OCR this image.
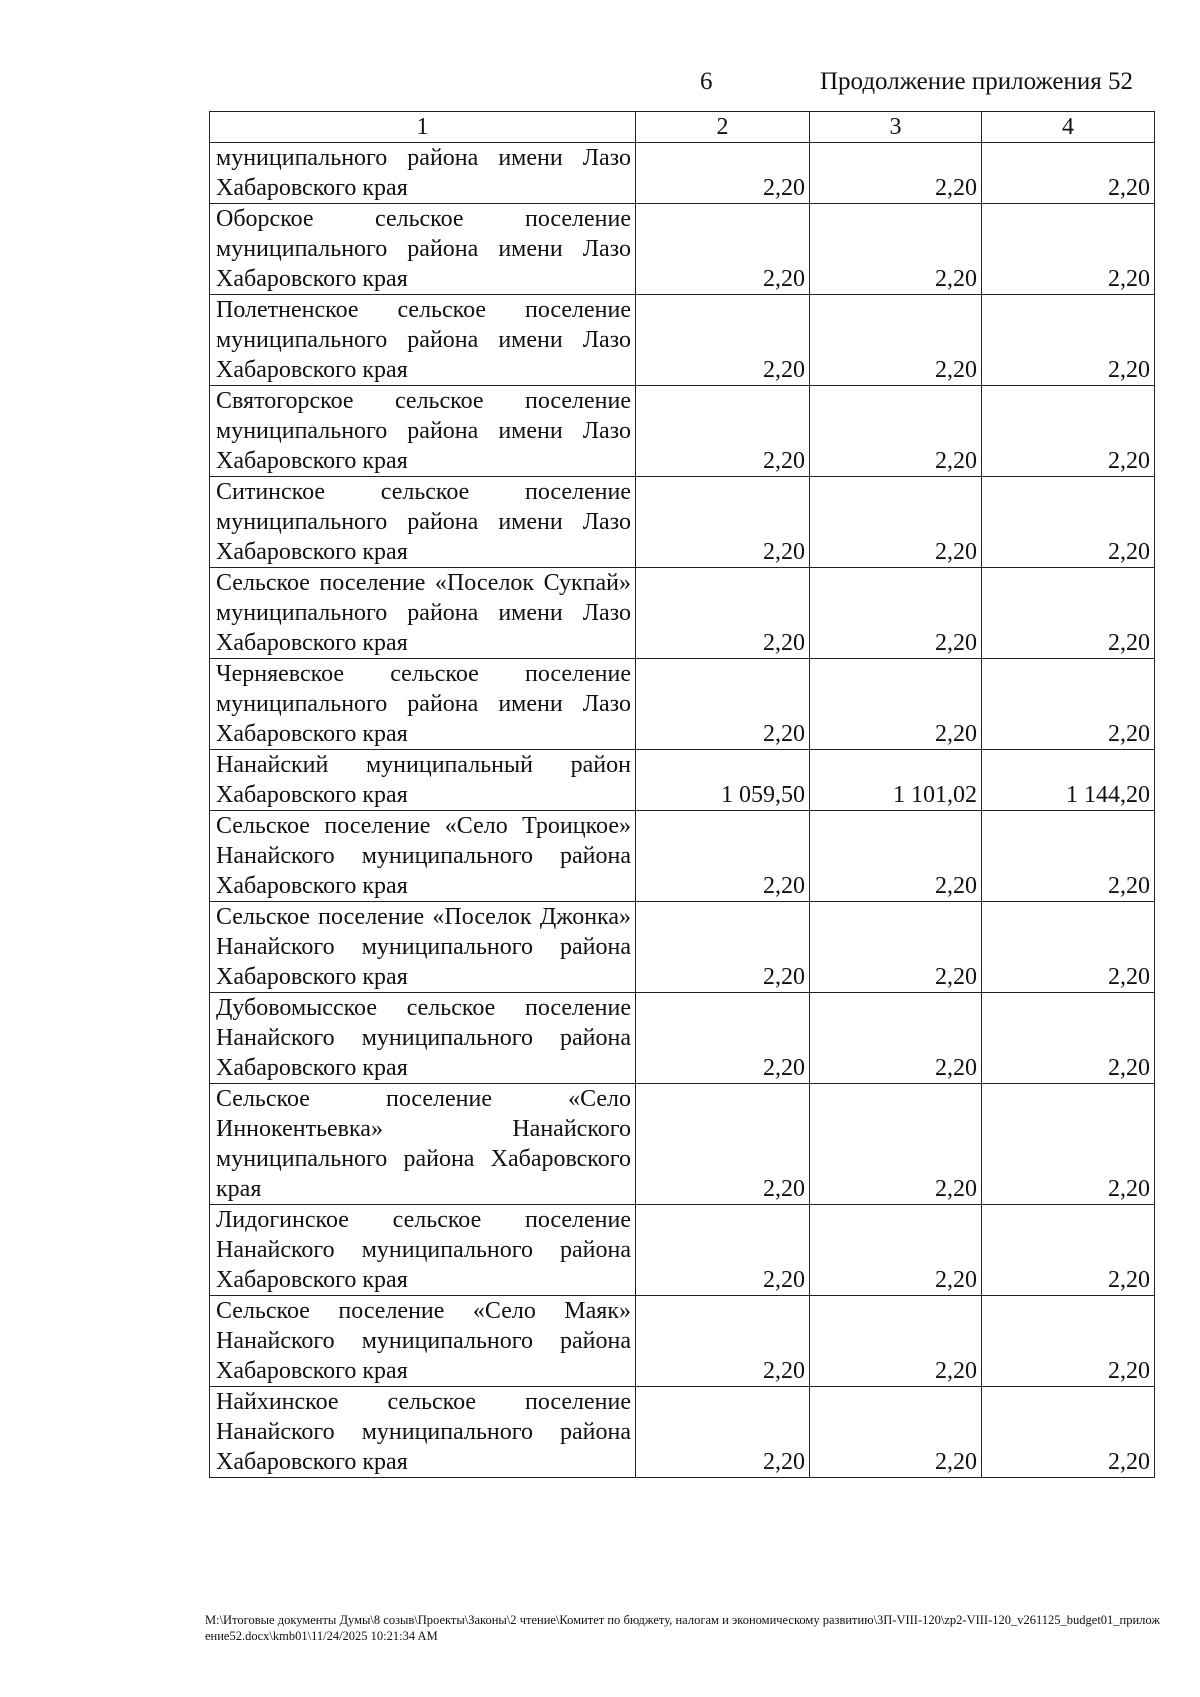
6	Продолжение приложения 52
1	2	3	4
муниципального района имени Лазо Хабаровского края	2,20	2,20	2,20
Оборское сельское поселение муниципального района имени Лазо Хабаровского края	2,20	2,20	2,20
Полетненское сельское поселение муниципального района имени Лазо Хабаровского края	2,20	2,20	2,20
Святогорское сельское поселение муниципального района имени Лазо Хабаровского края	2,20	2,20	2,20
Ситинское сельское поселение муниципального района имени Лазо Хабаровского края	2,20	2,20	2,20
Сельское поселение «Поселок Сукпай» муниципального района имени Лазо Хабаровского края	2,20	2,20	2,20
Черняевское сельское поселение муниципального района имени Лазо Хабаровского края	2,20	2,20	2,20
Нанайский муниципальный район Хабаровского края	1 059,50	1 101,02	1 144,20
Сельское поселение «Село Троицкое» Нанайского муниципального района Хабаровского края	2,20	2,20	2,20
Сельское поселение «Поселок Джонка» Нанайского муниципального района Хабаровского края	2,20	2,20	2,20
Дубовомысское сельское поселение Нанайского муниципального района Хабаровского края	2,20	2,20	2,20
Сельское поселение «Село Иннокентьевка» Нанайского муниципального района Хабаровского края	2,20	2,20	2,20
Лидогинское сельское поселение Нанайского муниципального района Хабаровского края	2,20	2,20	2,20
Сельское поселение «Село Маяк» Нанайского муниципального района Хабаровского края	2,20	2,20	2,20
Найхинское сельское поселение Нанайского муниципального района Хабаровского края	2,20	2,20	2,20
M:\Итоговые документы Думы\8 созыв\Проекты\Законы\2 чтение\Комитет по бюджету, налогам и экономическому развитию\3П-VIII-120\zp2-VIII-120_v261125_budget01_приложение52.docx\kmb01\11/24/2025 10:21:34 AM
